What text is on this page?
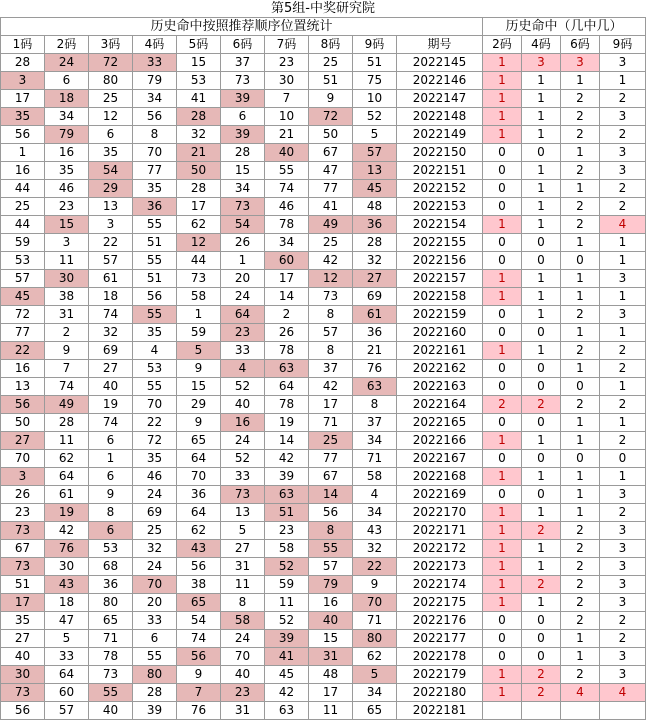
第5组-中奖研究院													
历史命中按照推荐顺序位置统计										历史命中（几中几）			
1码	2码	3码	4码	5码	6码	7码	8码	9码	期号	2码	4码	6码	9码
28	24	72	33	15	37	23	25	51	2022145	1	3	3	3
3	6	80	79	53	73	30	51	75	2022146	1	1	1	1
17	18	25	34	41	39	7	9	10	2022147	1	1	2	2
35	34	12	56	28	6	10	72	52	2022148	1	1	2	3
56	79	6	8	32	39	21	50	5	2022149	1	1	2	2
1	16	35	70	21	28	40	67	57	2022150	0	0	1	3
16	35	54	77	50	15	55	47	13	2022151	0	1	2	3
44	46	29	35	28	34	74	77	45	2022152	0	1	1	2
25	23	13	36	17	73	46	41	48	2022153	0	1	2	2
44	15	3	55	62	54	78	49	36	2022154	1	1	2	4
59	3	22	51	12	26	34	25	28	2022155	0	0	1	1
53	11	57	55	44	1	60	42	32	2022156	0	0	0	1
57	30	61	51	73	20	17	12	27	2022157	1	1	1	3
45	38	18	56	58	24	14	73	69	2022158	1	1	1	1
72	31	74	55	1	64	2	8	61	2022159	0	1	2	3
77	2	32	35	59	23	26	57	36	2022160	0	0	1	1
22	9	69	4	5	33	78	8	21	2022161	1	1	2	2
16	7	27	53	9	4	63	37	76	2022162	0	0	1	2
13	74	40	55	15	52	64	42	63	2022163	0	0	0	1
56	49	19	70	29	40	78	17	8	2022164	2	2	2	2
50	28	74	22	9	16	19	71	37	2022165	0	0	1	1
27	11	6	72	65	24	14	25	34	2022166	1	1	1	2
70	62	1	35	64	52	42	77	71	2022167	0	0	0	0
3	64	6	46	70	33	39	67	58	2022168	1	1	1	1
26	61	9	24	36	73	63	14	4	2022169	0	0	1	3
23	19	8	69	64	13	51	56	34	2022170	1	1	1	2
73	42	6	25	62	5	23	8	43	2022171	1	2	2	3
67	76	53	32	43	27	58	55	32	2022172	1	1	2	3
73	30	68	24	56	31	52	57	22	2022173	1	1	2	3
51	43	36	70	38	11	59	79	9	2022174	1	2	2	3
17	18	80	20	65	8	11	16	70	2022175	1	1	2	3
35	47	65	33	54	58	52	40	71	2022176	0	0	2	2
27	5	71	6	74	24	39	15	80	2022177	0	0	1	2
40	33	78	55	56	70	41	31	62	2022178	0	0	1	3
30	64	73	80	9	40	45	48	5	2022179	1	2	2	3
73	60	55	28	7	23	42	17	34	2022180	1	2	4	4
56	57	40	39	76	31	63	11	65	2022181				
